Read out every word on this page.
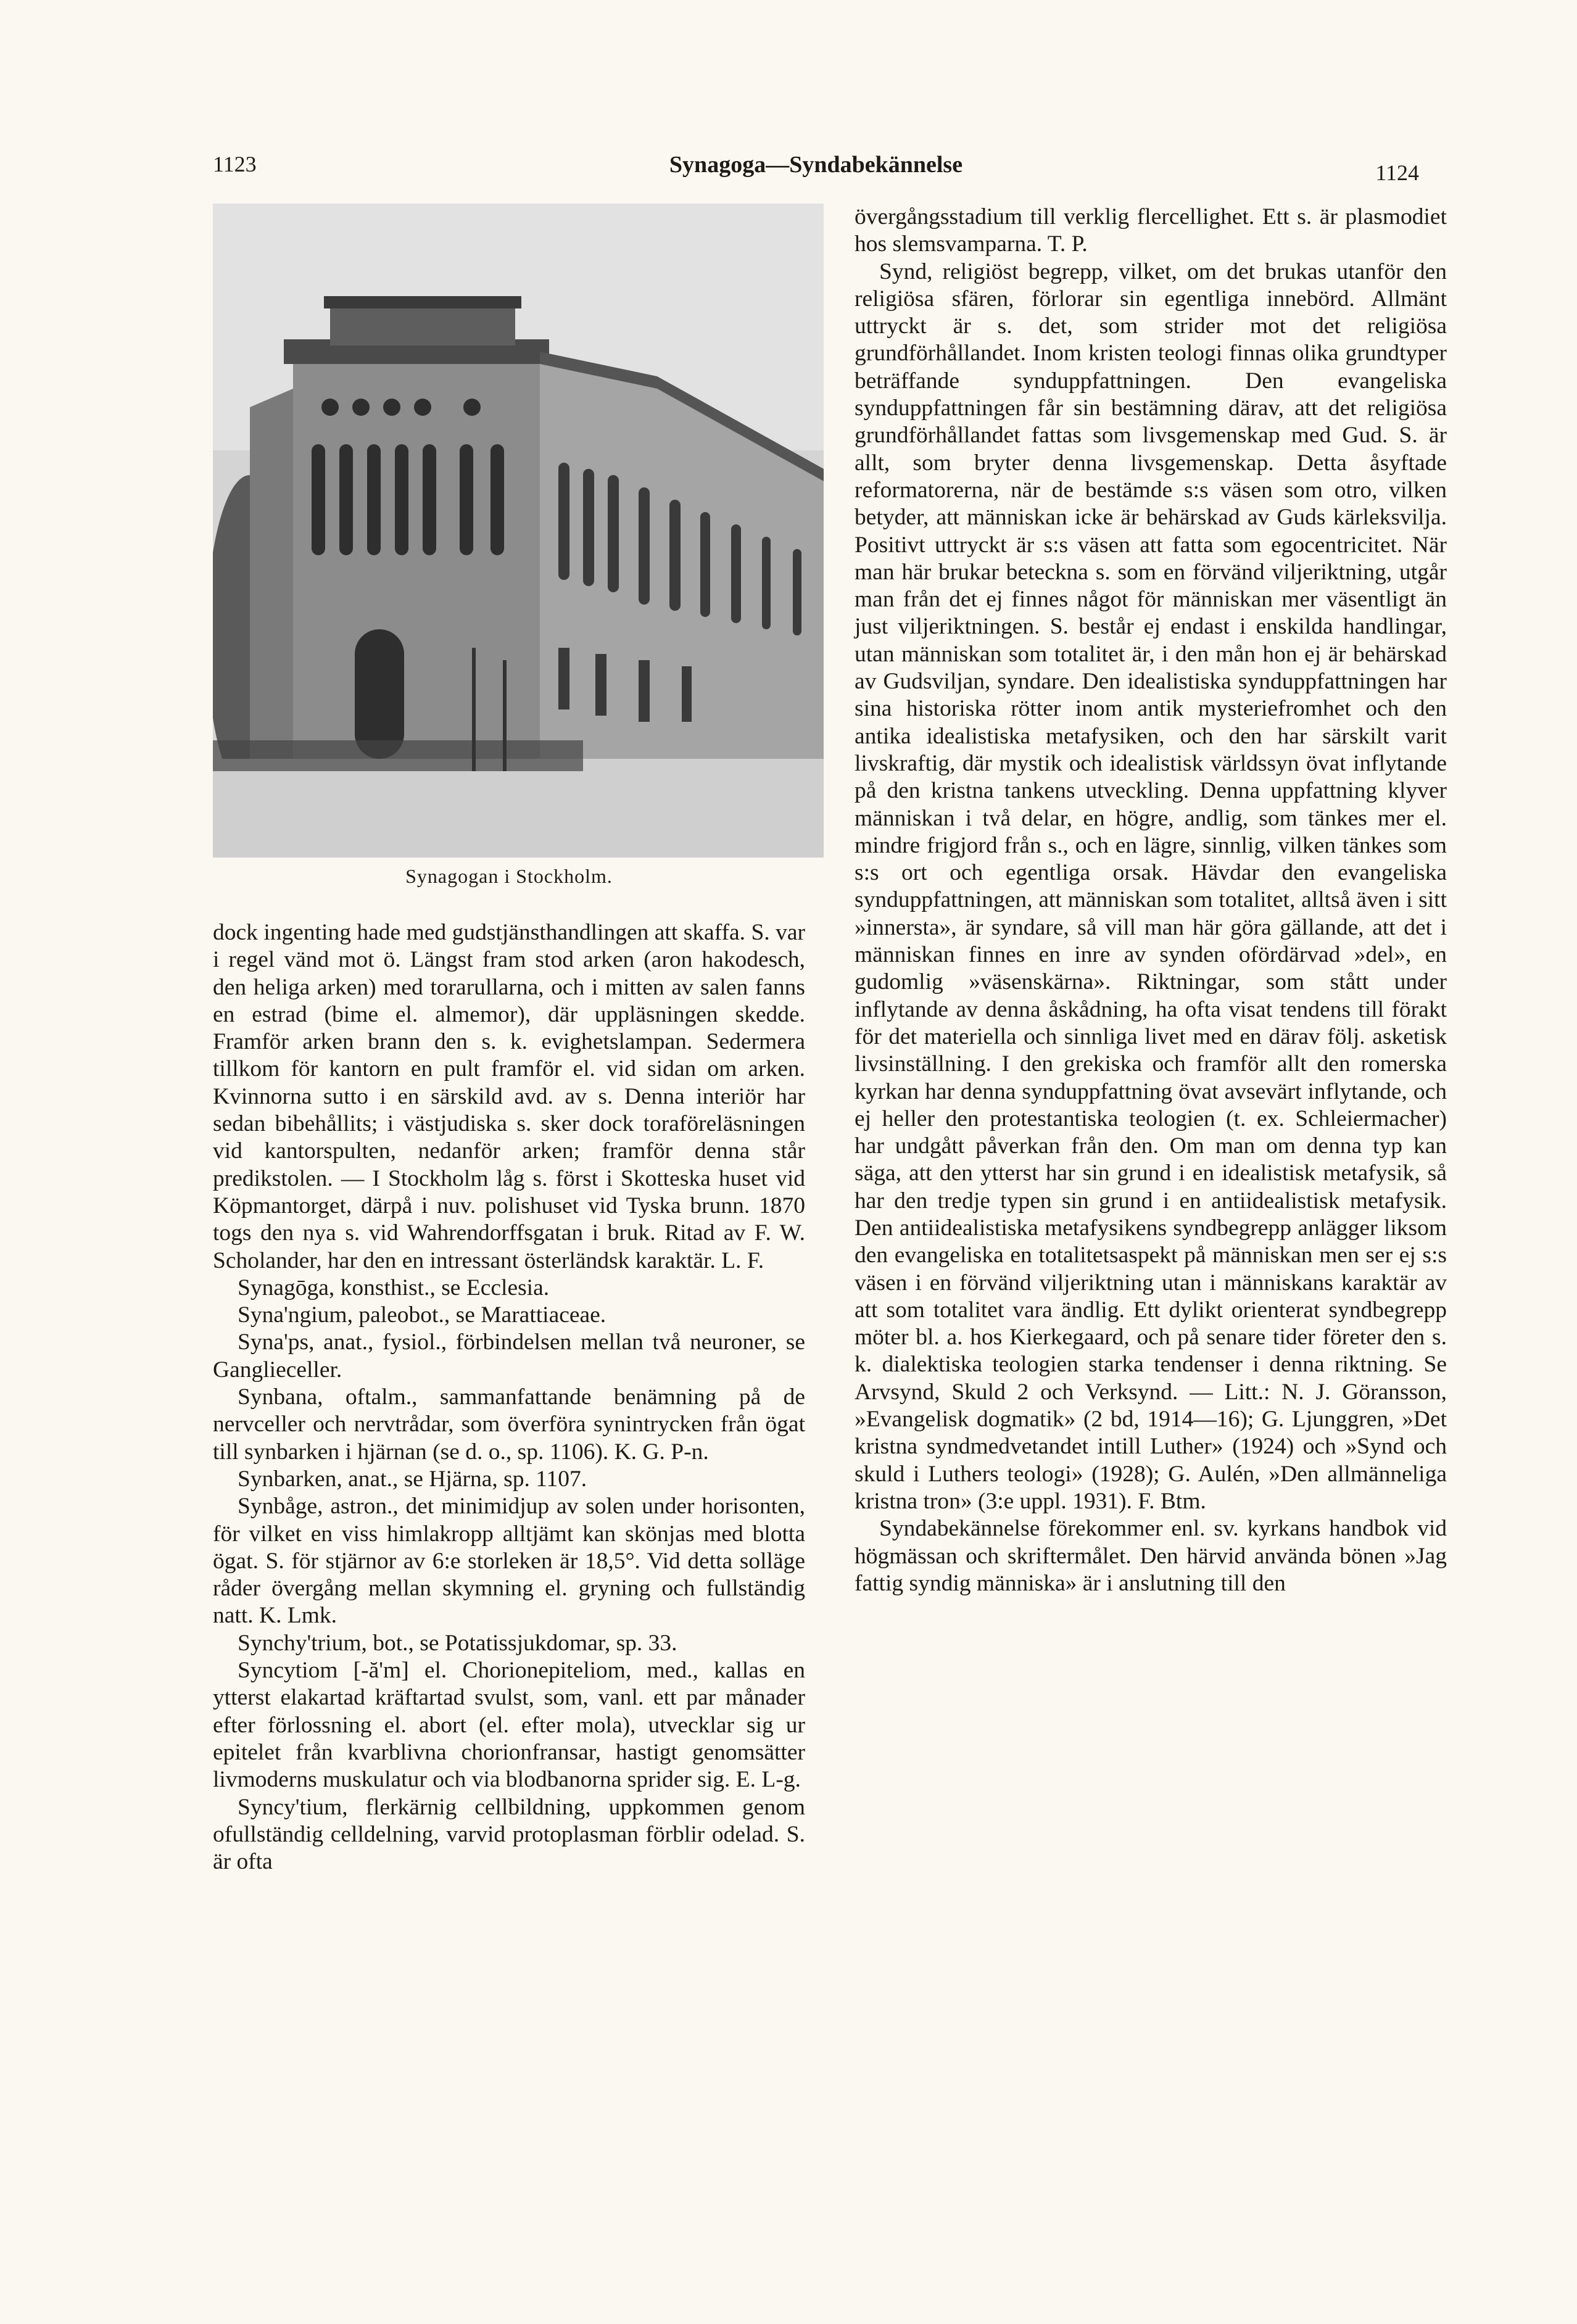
1123	Synagoga—Syndabekännelse	1124
Synagogan i Stockholm.

dock ingenting hade med gudstjänsthandlingen att skaffa. S. var i regel vänd mot ö. Längst fram stod arken (aron hakodesch, den heliga arken) med torarullarna, och i mitten av salen fanns en estrad (bime el. almemor), där uppläsningen skedde. Framför arken brann den s. k. evighetslampan. Sedermera tillkom för kantorn en pult framför el. vid sidan om arken. Kvinnorna sutto i en särskild avd. av s. Denna interiör har sedan bibehållits; i västjudiska s. sker dock toraföreläsningen vid kantorspulten, nedanför arken; framför denna står predikstolen. — I Stockholm låg s. först i Skotteska huset vid Köpmantorget, därpå i nuv. polishuset vid Tyska brunn. 1870 togs den nya s. vid Wahrendorffsgatan i bruk. Ritad av F. W. Scholander, har den en intressant österländsk karaktär. L. F.

Synagōga, konsthist., se Ecclesia.

Syna'ngium, paleobot., se Marattiaceae.

Syna'ps, anat., fysiol., förbindelsen mellan två neuroner, se Ganglieceller.

Synbana, oftalm., sammanfattande benämning på de nervceller och nervtrådar, som överföra synintrycken från ögat till synbarken i hjärnan (se d. o., sp. 1106). K. G. P-n.

Synbarken, anat., se Hjärna, sp. 1107.

Synbåge, astron., det minimidjup av solen under horisonten, för vilket en viss himlakropp alltjämt kan skönjas med blotta ögat. S. för stjärnor av 6:e storleken är 18,5°. Vid detta solläge råder övergång mellan skymning el. gryning och fullständig natt. K. Lmk.

Synchy'trium, bot., se Potatissjukdomar, sp. 33.

Syncytiom [-ă'm] el. Chorionepiteliom, med., kallas en ytterst elakartad kräftartad svulst, som, vanl. ett par månader efter förlossning el. abort (el. efter mola), utvecklar sig ur epitelet från kvarblivna chorionfransar, hastigt genomsätter livmoderns muskulatur och via blodbanorna sprider sig. E. L-g.

Syncy'tium, flerkärnig cellbildning, uppkommen genom ofullständig celldelning, varvid protoplasman förblir odelad. S. är ofta

övergångsstadium till verklig flercellighet. Ett s. är plasmodiet hos slemsvamparna. T. P.

Synd, religiöst begrepp, vilket, om det brukas utanför den religiösa sfären, förlorar sin egentliga innebörd. Allmänt uttryckt är s. det, som strider mot det religiösa grundförhållandet. Inom kristen teologi finnas olika grundtyper beträffande synduppfattningen. Den evangeliska synduppfattningen får sin bestämning därav, att det religiösa grundförhållandet fattas som livsgemenskap med Gud. S. är allt, som bryter denna livsgemenskap. Detta åsyftade reformatorerna, när de bestämde s:s väsen som otro, vilken betyder, att människan icke är behärskad av Guds kärleksvilja. Positivt uttryckt är s:s väsen att fatta som egocentricitet. När man här brukar beteckna s. som en förvänd viljeriktning, utgår man från det ej finnes något för människan mer väsentligt än just viljeriktningen. S. består ej endast i enskilda handlingar, utan människan som totalitet är, i den mån hon ej är behärskad av Gudsviljan, syndare. Den idealistiska synduppfattningen har sina historiska rötter inom antik mysteriefromhet och den antika idealistiska metafysiken, och den har särskilt varit livskraftig, där mystik och idealistisk världssyn övat inflytande på den kristna tankens utveckling. Denna uppfattning klyver människan i två delar, en högre, andlig, som tänkes mer el. mindre frigjord från s., och en lägre, sinnlig, vilken tänkes som s:s ort och egentliga orsak. Hävdar den evangeliska synduppfattningen, att människan som totalitet, alltså även i sitt »innersta», är syndare, så vill man här göra gällande, att det i människan finnes en inre av synden ofördärvad »del», en gudomlig »väsenskärna». Riktningar, som stått under inflytande av denna åskådning, ha ofta visat tendens till förakt för det materiella och sinnliga livet med en därav följ. asketisk livsinställning. I den grekiska och framför allt den romerska kyrkan har denna synduppfattning övat avsevärt inflytande, och ej heller den protestantiska teologien (t. ex. Schleiermacher) har undgått påverkan från den. Om man om denna typ kan säga, att den ytterst har sin grund i en idealistisk metafysik, så har den tredje typen sin grund i en antiidealistisk metafysik. Den antiidealistiska metafysikens syndbegrepp anlägger liksom den evangeliska en totalitetsaspekt på människan men ser ej s:s väsen i en förvänd viljeriktning utan i människans karaktär av att som totalitet vara ändlig. Ett dylikt orienterat syndbegrepp möter bl. a. hos Kierkegaard, och på senare tider företer den s. k. dialektiska teologien starka tendenser i denna riktning. Se Arvsynd, Skuld 2 och Verksynd. — Litt.: N. J. Göransson, »Evangelisk dogmatik» (2 bd, 1914—16); G. Ljunggren, »Det kristna syndmedvetandet intill Luther» (1924) och »Synd och skuld i Luthers teologi» (1928); G. Aulén, »Den allmänneliga kristna tron» (3:e uppl. 1931). F. Btm.

Syndabekännelse förekommer enl. sv. kyrkans handbok vid högmässan och skriftermålet. Den härvid använda bönen »Jag fattig syndig människa» är i anslutning till den
